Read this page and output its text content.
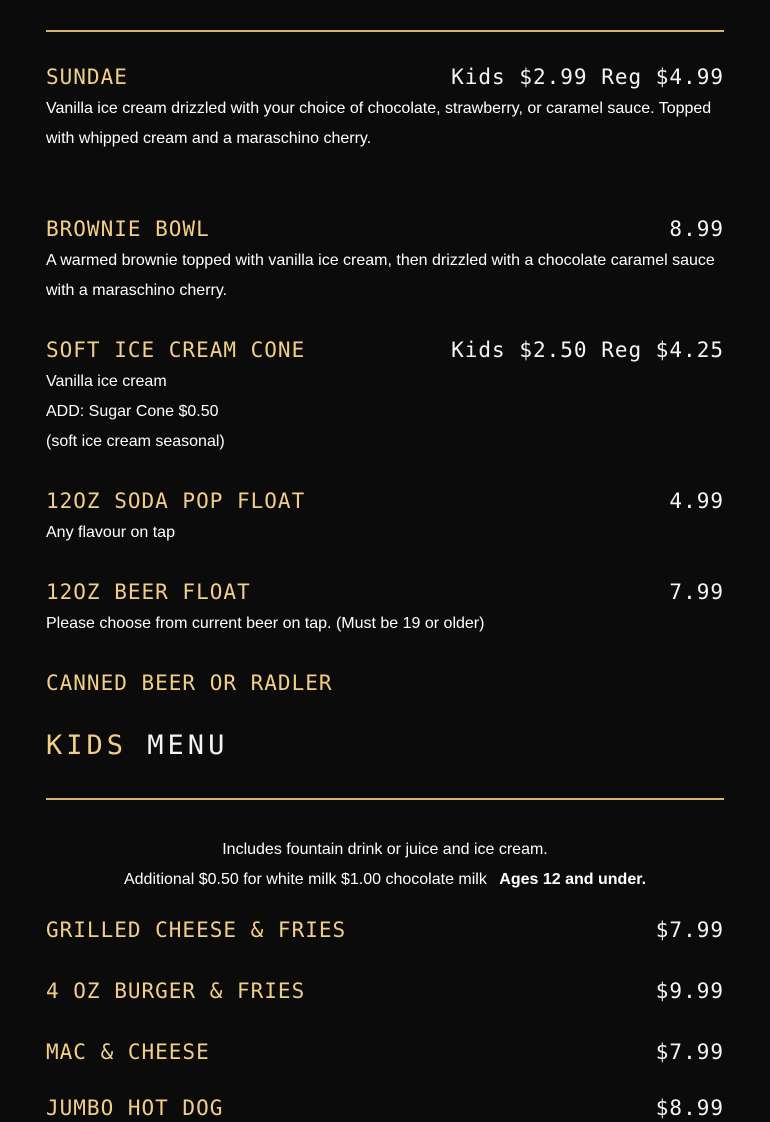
SUNDAE	Kids $2.99 Reg $4.99

Vanilla ice cream drizzled with your choice of chocolate, strawberry, or caramel sauce. Topped with whipped cream and a maraschino cherry.

BROWNIE BOWL	8.99

A warmed brownie topped with vanilla ice cream, then drizzled with a chocolate caramel sauce with a maraschino cherry.

SOFT ICE CREAM CONE	Kids $2.50 Reg $4.25
Vanilla ice cream
ADD: Sugar Cone $0.50
(soft ice cream seasonal)
12OZ SODA POP FLOAT	4.99
Any flavour on tap
12OZ BEER FLOAT	7.99
Please choose from current beer on tap. (Must be 19 or older)
CANNED BEER OR RADLER
KIDS MENU
Includes fountain drink or juice and ice cream.
Additional $0.50 for white milk $1.00 chocolate milk Ages 12 and under.
GRILLED CHEESE & FRIES	$7.99
4 OZ BURGER & FRIES	$9.99
MAC & CHEESE	$7.99
JUMBO HOT DOG	$8.99
